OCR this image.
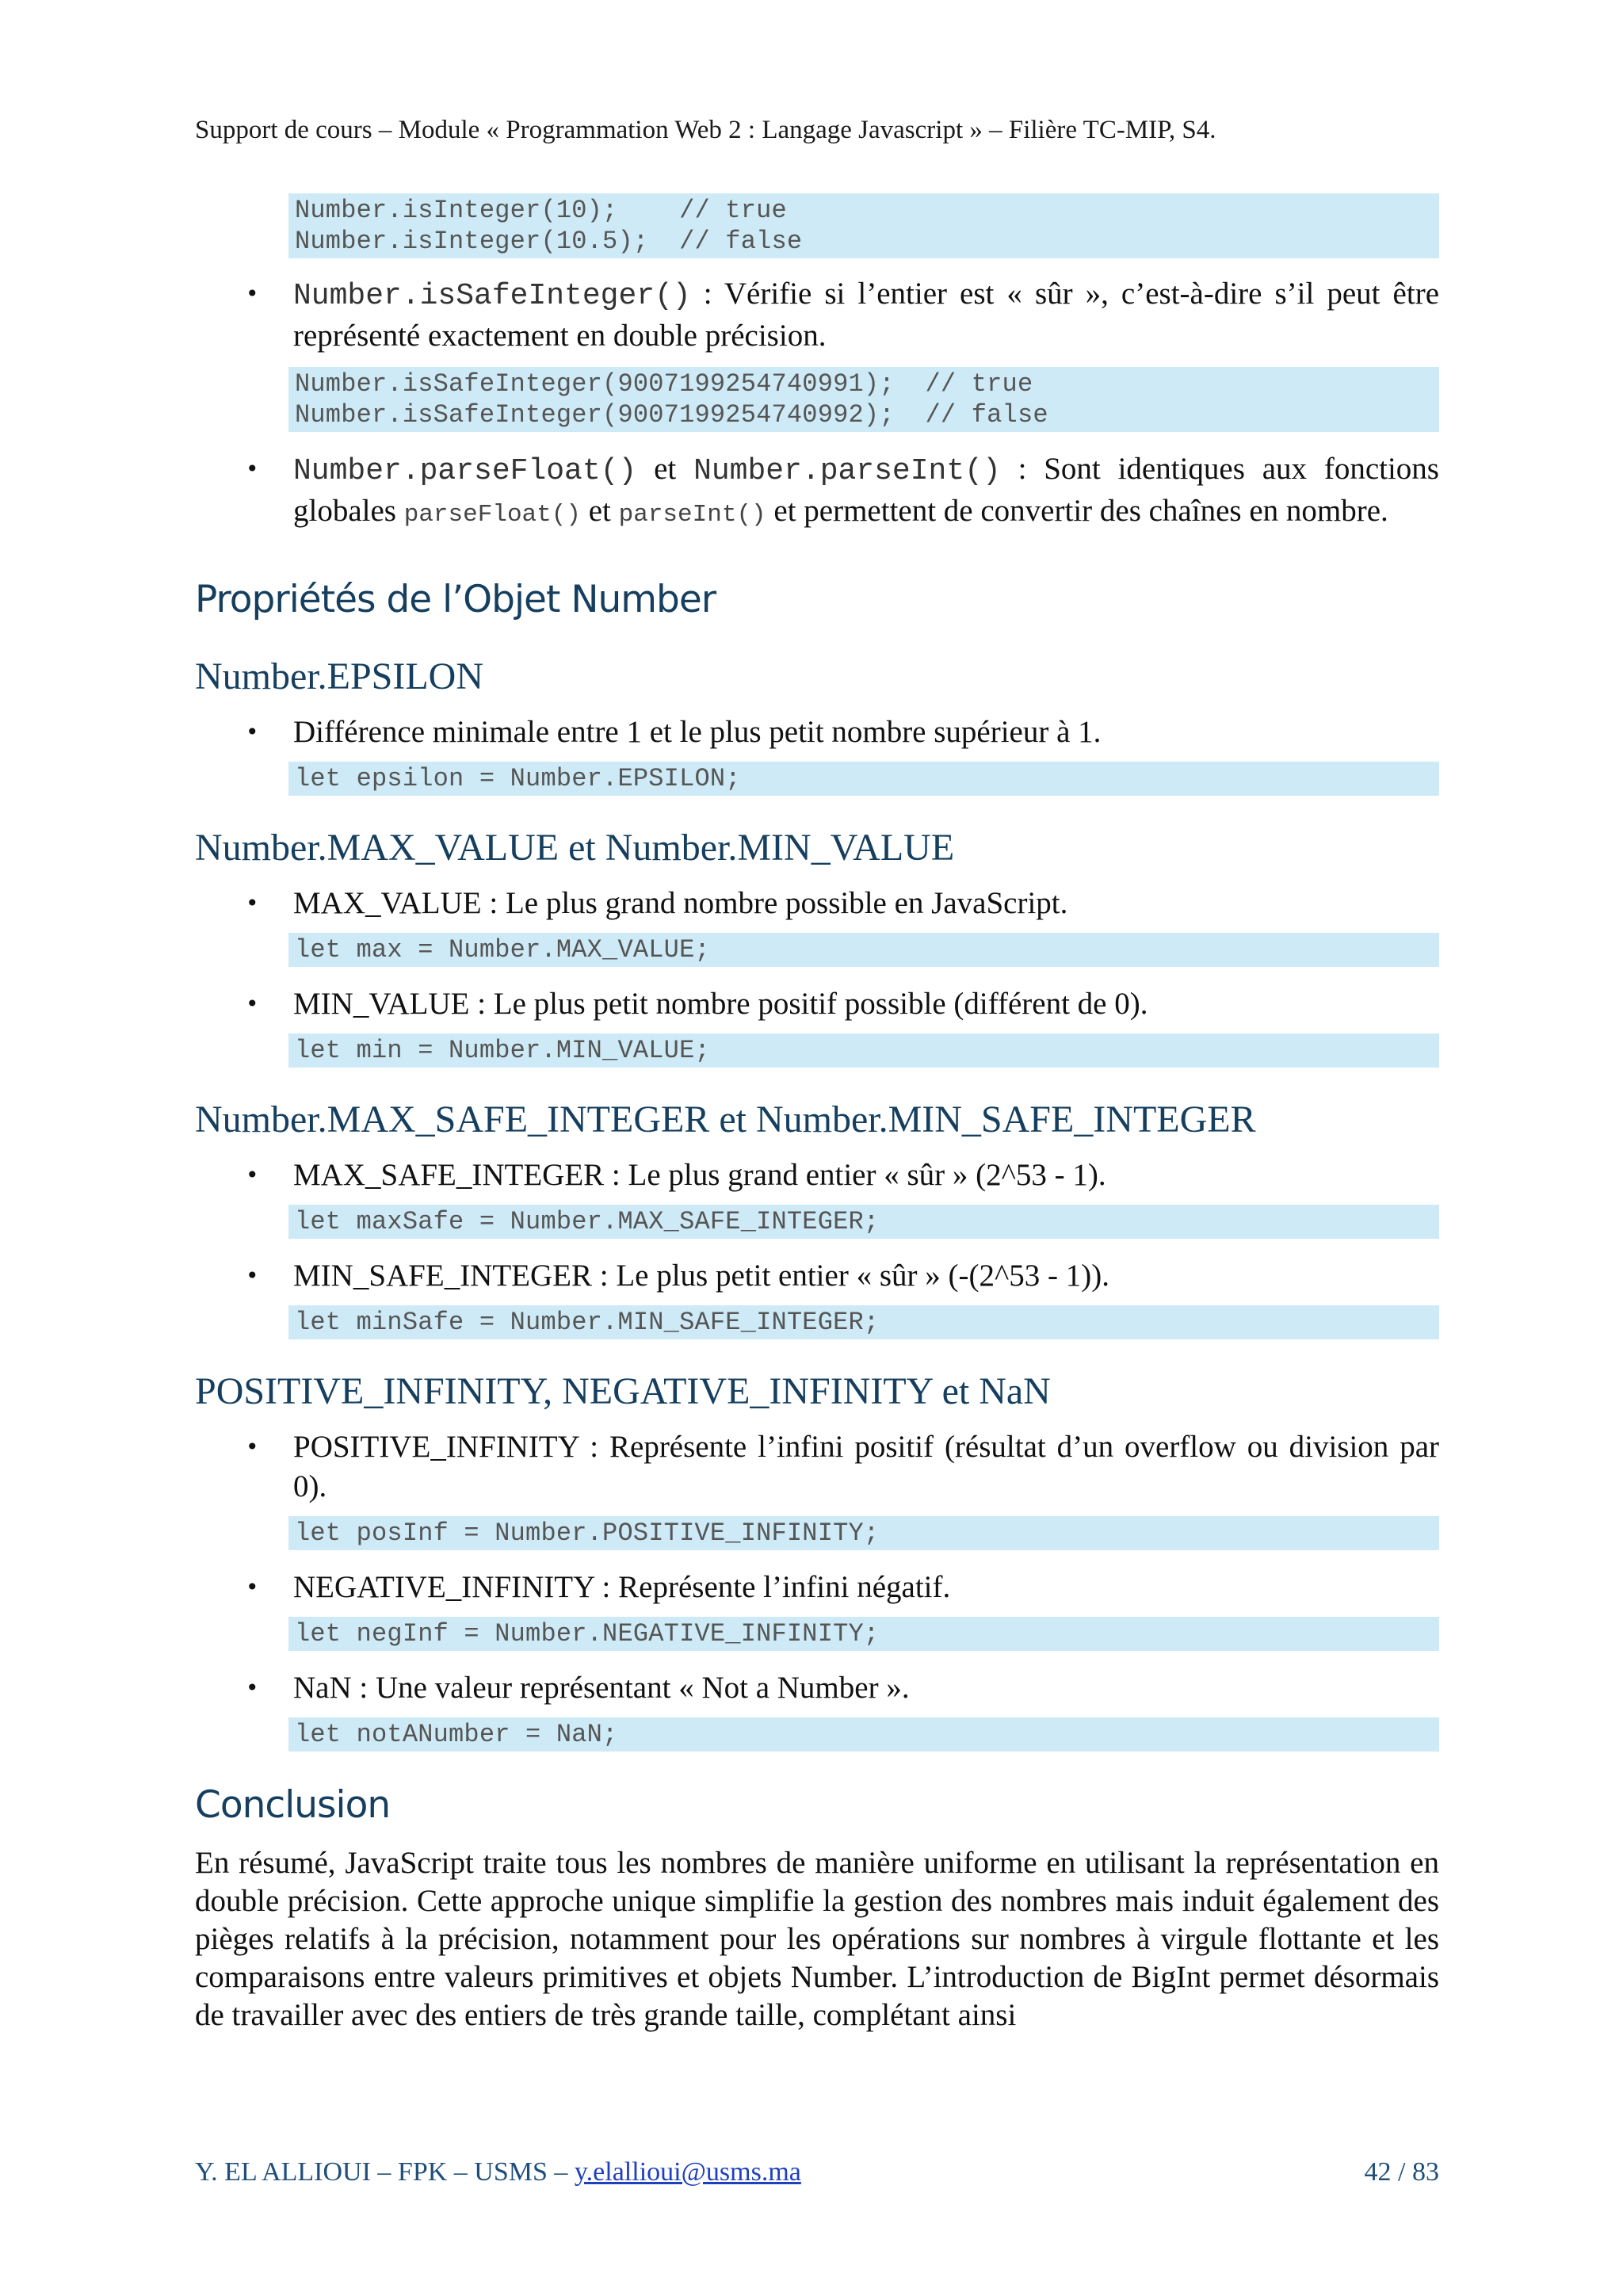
Support de cours – Module « Programmation Web 2 : Langage Javascript » – Filière TC-MIP, S4.
Number.isInteger(10);    // true
Number.isInteger(10.5);  // false
• Number.isSafeInteger() : Vérifie si l’entier est « sûr », c’est-à-dire s’il peut être représenté exactement en double précision.
Number.isSafeInteger(9007199254740991);  // true
Number.isSafeInteger(9007199254740992);  // false
• Number.parseFloat() et Number.parseInt() : Sont identiques aux fonctions globales parseFloat() et parseInt() et permettent de convertir des chaînes en nombre.
Propriétés de l’Objet Number
Number.EPSILON
• Différence minimale entre 1 et le plus petit nombre supérieur à 1.
let epsilon = Number.EPSILON;
Number.MAX_VALUE et Number.MIN_VALUE
• MAX_VALUE : Le plus grand nombre possible en JavaScript.
let max = Number.MAX_VALUE;
• MIN_VALUE : Le plus petit nombre positif possible (différent de 0).
let min = Number.MIN_VALUE;
Number.MAX_SAFE_INTEGER et Number.MIN_SAFE_INTEGER
• MAX_SAFE_INTEGER : Le plus grand entier « sûr » (2^53 - 1).
let maxSafe = Number.MAX_SAFE_INTEGER;
• MIN_SAFE_INTEGER : Le plus petit entier « sûr » (-(2^53 - 1)).
let minSafe = Number.MIN_SAFE_INTEGER;
POSITIVE_INFINITY, NEGATIVE_INFINITY et NaN
• POSITIVE_INFINITY : Représente l’infini positif (résultat d’un overflow ou division par 0).
let posInf = Number.POSITIVE_INFINITY;
• NEGATIVE_INFINITY : Représente l’infini négatif.
let negInf = Number.NEGATIVE_INFINITY;
• NaN : Une valeur représentant « Not a Number ».
let notANumber = NaN;
Conclusion
En résumé, JavaScript traite tous les nombres de manière uniforme en utilisant la représentation en double précision. Cette approche unique simplifie la gestion des nombres mais induit également des pièges relatifs à la précision, notamment pour les opérations sur nombres à virgule flottante et les comparaisons entre valeurs primitives et objets Number. L’introduction de BigInt permet désormais de travailler avec des entiers de très grande taille, complétant ainsi
Y. EL ALLIOUI – FPK – USMS – y.elallioui@usms.ma	42 / 83
